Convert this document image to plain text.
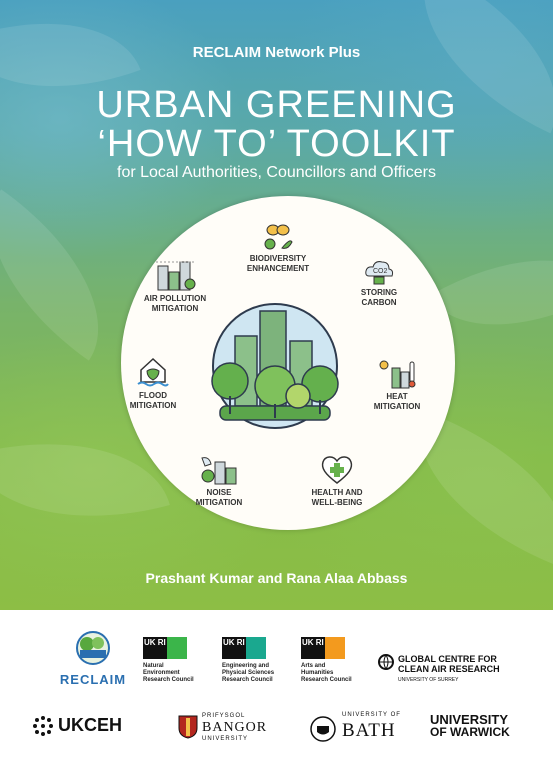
RECLAIM Network Plus
URBAN GREENING
‘HOW TO’ TOOLKIT
for Local Authorities, Councillors and Officers
BIODIVERSITY
ENHANCEMENT	CO2
STORING
CARBON
HEAT
MITIGATION
HEALTH AND
WELL-BEING
NOISE
MITIGATION
FLOOD
MITIGATION
AIR POLLUTION
MITIGATION
Prashant Kumar and Rana Alaa Abbass
RECLAIM
UK RI
Natural
Environment
Research Council
UK RI
Engineering and
Physical Sciences
Research Council
UK RI
Arts and
Humanities
Research Council
GLOBAL CENTRE FOR
CLEAN AIR RESEARCH
UNIVERSITY OF SURREY
UKCEH	PRIFYSGOL
BANGOR
UNIVERSITY
UNIVERSITY OF
BATH
UNIVERSITY
OF WARWICK
